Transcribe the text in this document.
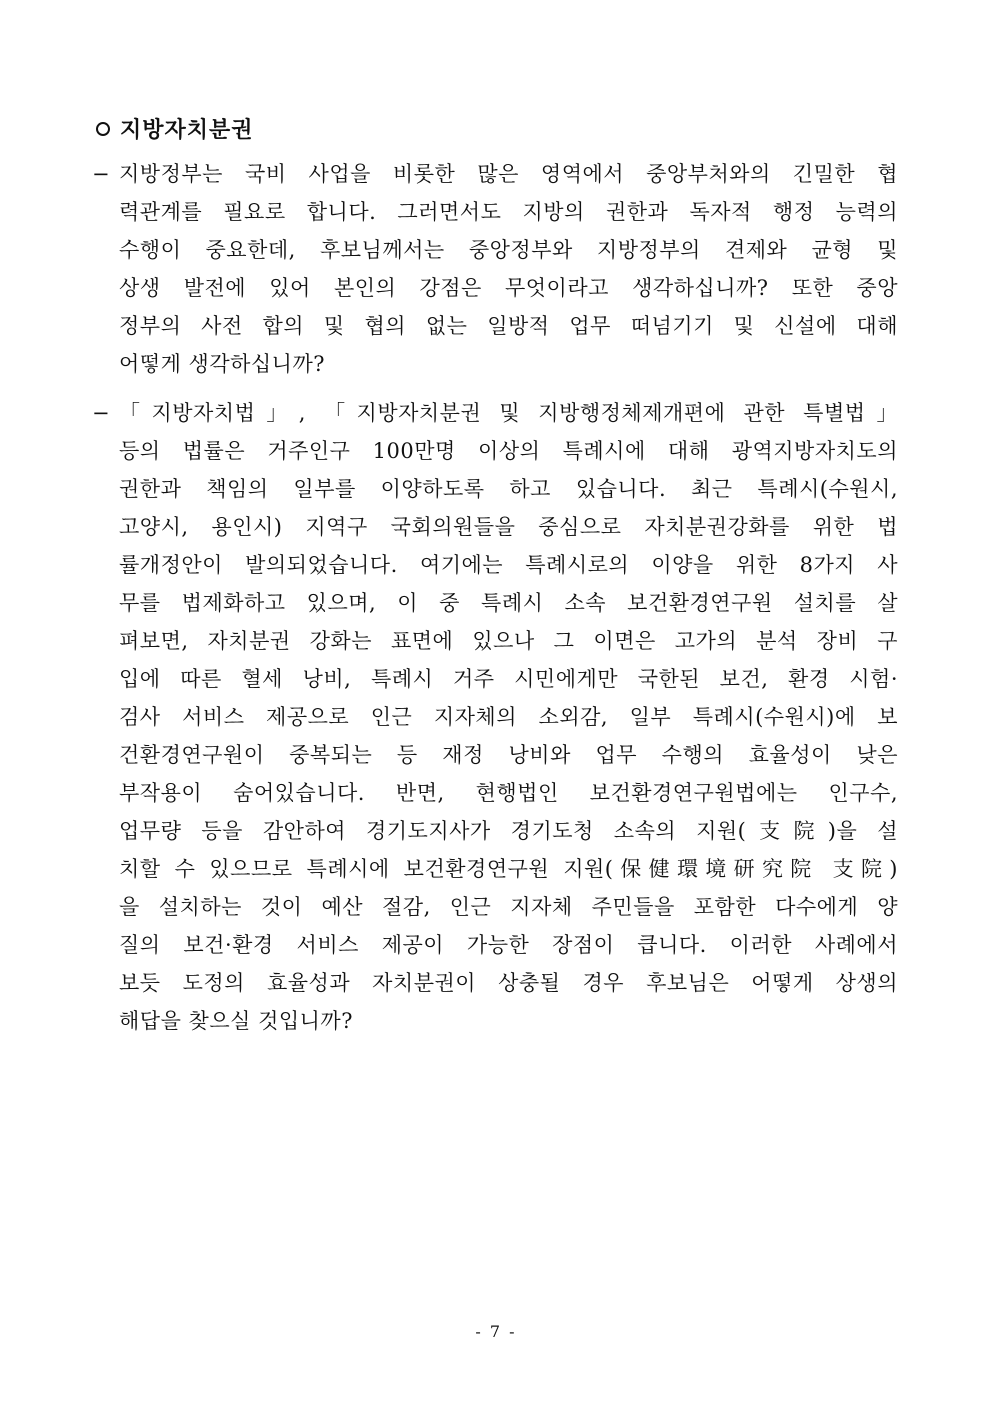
지방자치분권
− 지방정부는 국비 사업을 비롯한 많은 영역에서 중앙부처와의 긴밀한 협
력관계를 필요로 합니다. 그러면서도 지방의 권한과 독자적 행정 능력의
수행이 중요한데, 후보님께서는 중앙정부와 지방정부의 견제와 균형 및
상생 발전에 있어 본인의 강점은 무엇이라고 생각하십니까? 또한 중앙
정부의 사전 합의 및 협의 없는 일방적 업무 떠넘기기 및 신설에 대해
어떻게 생각하십니까?
− 「지방자치법」, 「지방자치분권 및 지방행정체제개편에 관한 특별법」
등의 법률은 거주인구 100만명 이상의 특례시에 대해 광역지방자치도의
권한과 책임의 일부를 이양하도록 하고 있습니다. 최근 특례시(수원시,
고양시, 용인시) 지역구 국회의원들을 중심으로 자치분권강화를 위한 법
률개정안이 발의되었습니다. 여기에는 특례시로의 이양을 위한 8가지 사
무를 법제화하고 있으며, 이 중 특례시 소속 보건환경연구원 설치를 살
펴보면, 자치분권 강화는 표면에 있으나 그 이면은 고가의 분석 장비 구
입에 따른 혈세 낭비, 특례시 거주 시민에게만 국한된 보건, 환경 시험·
검사 서비스 제공으로 인근 지자체의 소외감, 일부 특례시(수원시)에 보
건환경연구원이 중복되는 등 재정 낭비와 업무 수행의 효율성이 낮은
부작용이 숨어있습니다. 반면, 현행법인 보건환경연구원법에는 인구수,
업무량 등을 감안하여 경기도지사가 경기도청 소속의 지원(支院)을 설
치할 수 있으므로 특례시에 보건환경연구원 지원(保健環境研究院 支院)
을 설치하는 것이 예산 절감, 인근 지자체 주민들을 포함한 다수에게 양
질의 보건·환경 서비스 제공이 가능한 장점이 큽니다. 이러한 사례에서
보듯 도정의 효율성과 자치분권이 상충될 경우 후보님은 어떻게 상생의
해답을 찾으실 것입니까?
- 7 -
